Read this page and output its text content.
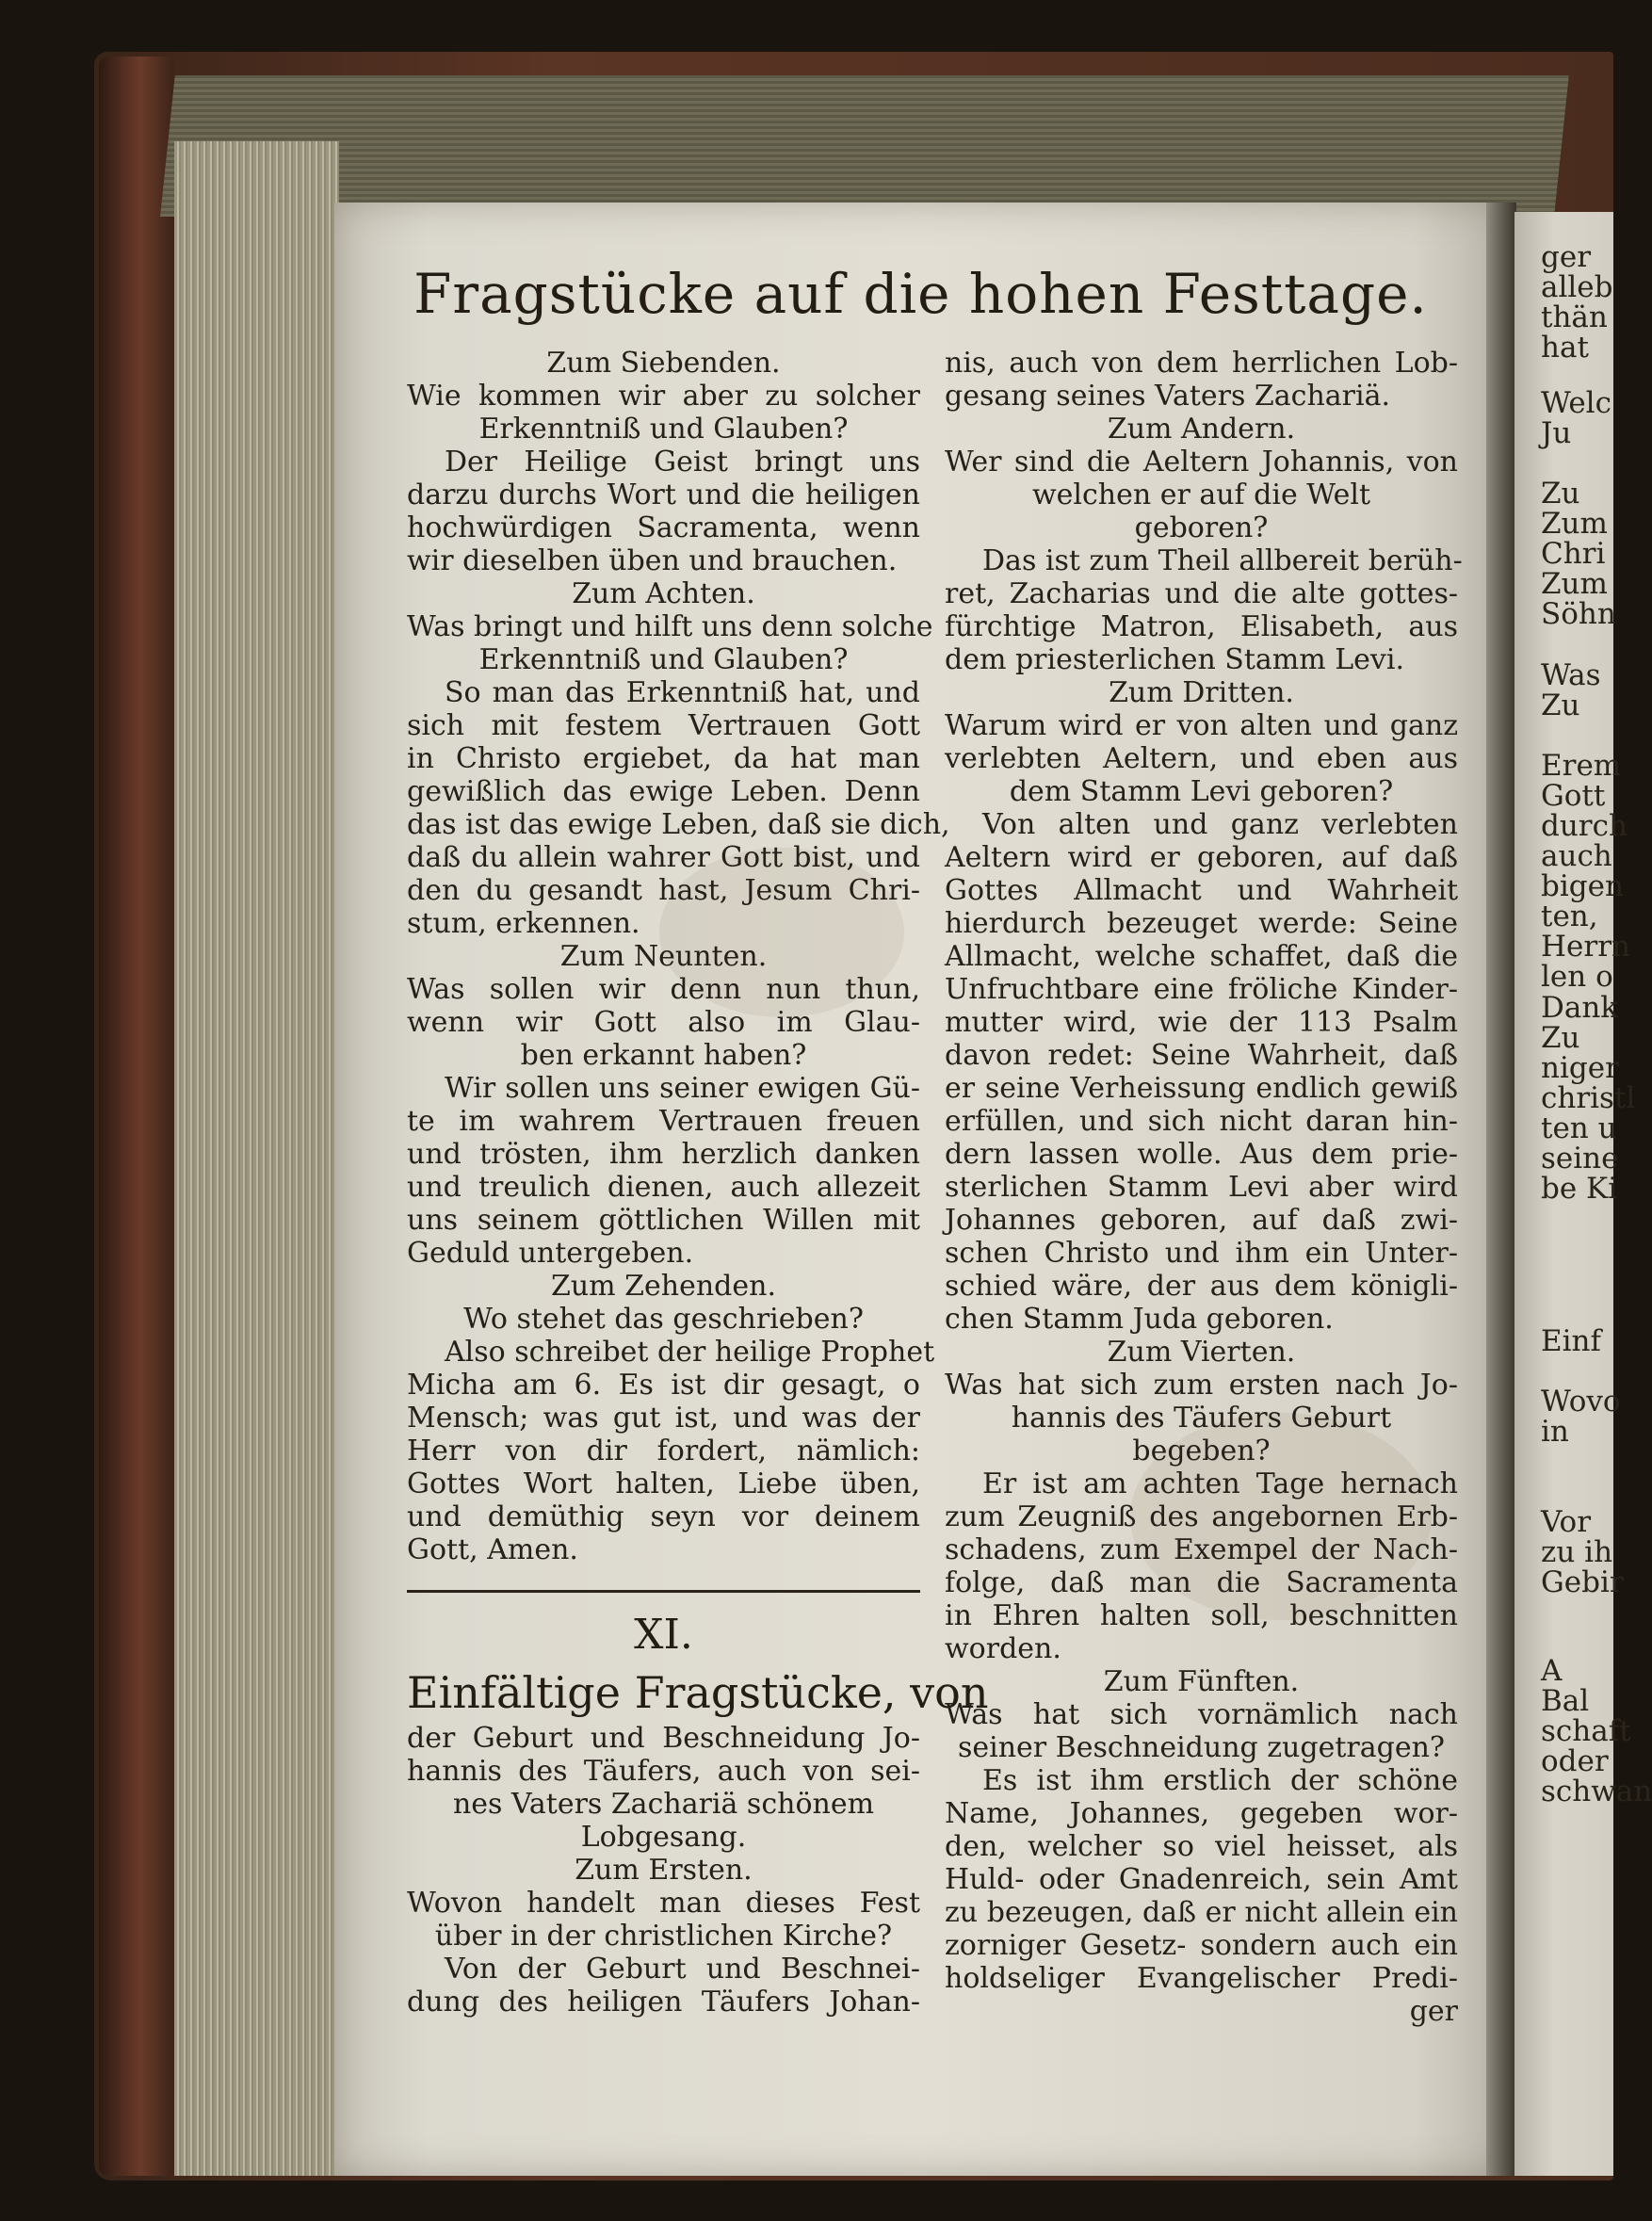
ger
alleb
thän
hat
Welc
Ju
Zu
Zum
Chri
Zum
Söhn
Was
Zu
Erem
Gott
durch
auch
bigen
ten,
Herrn
len o
Dank
Zu
niger
christl
ten u
seine
be Ki
Einf
Wovo
in
Vor
zu ih
Gebir
A
Bal
schaft
oder
schwan
Fragstücke auf die hohen Festtage.
Zum Siebenden.
Wie kommen wir aber zu solcher
Erkenntniß und Glauben?
Der Heilige Geist bringt uns
darzu durchs Wort und die heiligen
hochwürdigen Sacramenta, wenn
wir dieselben üben und brauchen.
Zum Achten.
Was bringt und hilft uns denn solche
Erkenntniß und Glauben?
So man das Erkenntniß hat, und
sich mit festem Vertrauen Gott
in Christo ergiebet, da hat man
gewißlich das ewige Leben. Denn
das ist das ewige Leben, daß sie dich,
daß du allein wahrer Gott bist, und
den du gesandt hast, Jesum Chri-
stum, erkennen.
Zum Neunten.
Was sollen wir denn nun thun,
wenn wir Gott also im Glau-
ben erkannt haben?
Wir sollen uns seiner ewigen Gü-
te im wahrem Vertrauen freuen
und trösten, ihm herzlich danken
und treulich dienen, auch allezeit
uns seinem göttlichen Willen mit
Geduld untergeben.
Zum Zehenden.
Wo stehet das geschrieben?
Also schreibet der heilige Prophet
Micha am 6. Es ist dir gesagt, o
Mensch; was gut ist, und was der
Herr von dir fordert, nämlich:
Gottes Wort halten, Liebe üben,
und demüthig seyn vor deinem
Gott, Amen.
XI.
Einfältige Fragstücke, von
der Geburt und Beschneidung Jo-
hannis des Täufers, auch von sei-
nes Vaters Zachariä schönem
Lobgesang.
Zum Ersten.
Wovon handelt man dieses Fest
über in der christlichen Kirche?
Von der Geburt und Beschnei-
dung des heiligen Täufers Johan-
nis, auch von dem herrlichen Lob-
gesang seines Vaters Zachariä.
Zum Andern.
Wer sind die Aeltern Johannis, von
welchen er auf die Welt
geboren?
Das ist zum Theil allbereit berüh-
ret, Zacharias und die alte gottes-
fürchtige Matron, Elisabeth, aus
dem priesterlichen Stamm Levi.
Zum Dritten.
Warum wird er von alten und ganz
verlebten Aeltern, und eben aus
dem Stamm Levi geboren?
Von alten und ganz verlebten
Aeltern wird er geboren, auf daß
Gottes Allmacht und Wahrheit
hierdurch bezeuget werde: Seine
Allmacht, welche schaffet, daß die
Unfruchtbare eine fröliche Kinder-
mutter wird, wie der 113 Psalm
davon redet: Seine Wahrheit, daß
er seine Verheissung endlich gewiß
erfüllen, und sich nicht daran hin-
dern lassen wolle. Aus dem prie-
sterlichen Stamm Levi aber wird
Johannes geboren, auf daß zwi-
schen Christo und ihm ein Unter-
schied wäre, der aus dem königli-
chen Stamm Juda geboren.
Zum Vierten.
Was hat sich zum ersten nach Jo-
hannis des Täufers Geburt
begeben?
Er ist am achten Tage hernach
zum Zeugniß des angebornen Erb-
schadens, zum Exempel der Nach-
folge, daß man die Sacramenta
in Ehren halten soll, beschnitten
worden.
Zum Fünften.
Was hat sich vornämlich nach
seiner Beschneidung zugetragen?
Es ist ihm erstlich der schöne
Name, Johannes, gegeben wor-
den, welcher so viel heisset, als
Huld- oder Gnadenreich, sein Amt
zu bezeugen, daß er nicht allein ein
zorniger Gesetz- sondern auch ein
holdseliger Evangelischer Predi-
ger
